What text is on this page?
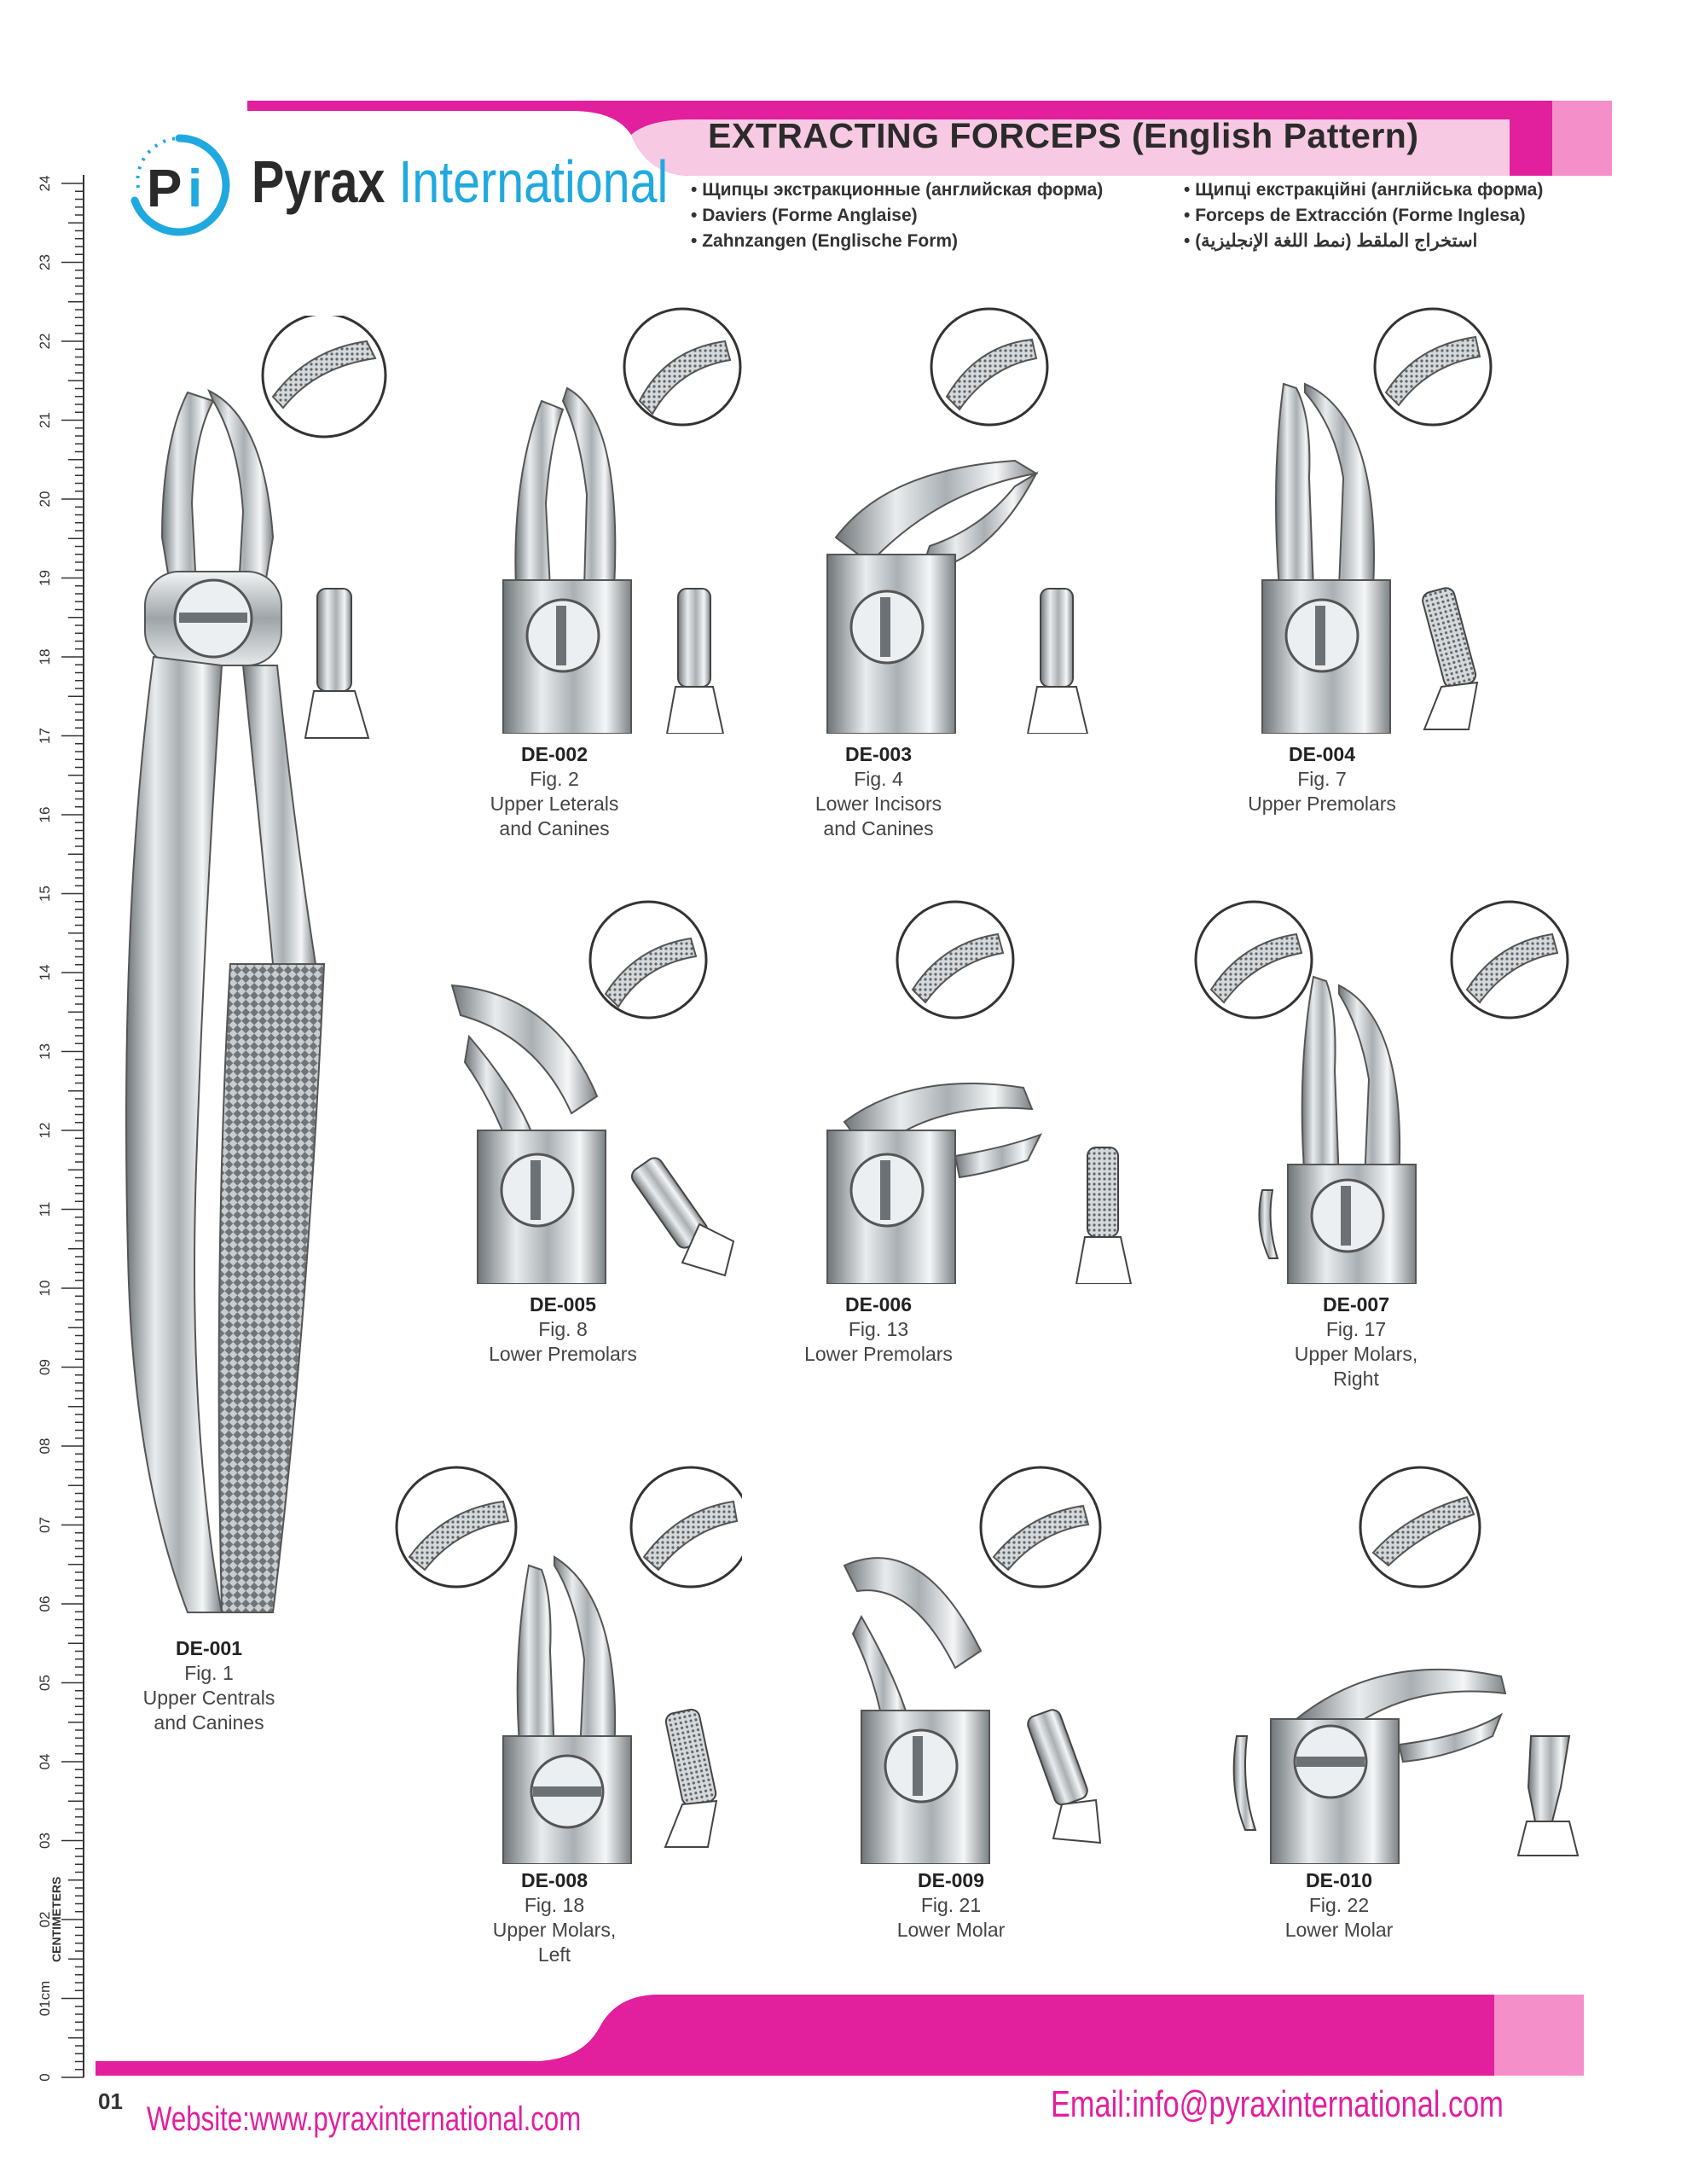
EXTRACTING FORCEPS (English Pattern)
P i
Pi
Pyrax International
•	Щипцы экстракционные (английская форма)
• Daviers (Forme Anglaise)
• Zahnzangen (Englische Form)
• Щипці екстракційні (англійська форма)
• Forceps de Extracción (Forme Inglesa)
• استخراج الملقط (نمط اللغة الإنجليزية)
0
01cm
02
03
04
05
06
07
08
09
10
11
12
13
14
15
16
17
18
19
20
21
22
23
24
CENTIMETERS
DE-001
Fig. 1
Upper Centrals
and Canines
DE-002
Fig. 2
Upper Leterals
and Canines
DE-003
Fig. 4
Lower Incisors
and Canines
DE-004
Fig. 7
Upper Premolars
DE-005
Fig. 8
Lower Premolars
DE-006
Fig. 13
Lower Premolars
DE-007
Fig. 17
Upper Molars,
Right
DE-008
Fig. 18
Upper Molars,
Left
DE-009
Fig. 21
Lower Molar
DE-010
Fig. 22
Lower Molar
01 Website:www.pyraxinternational.com	Email:info@pyraxinternational.com
